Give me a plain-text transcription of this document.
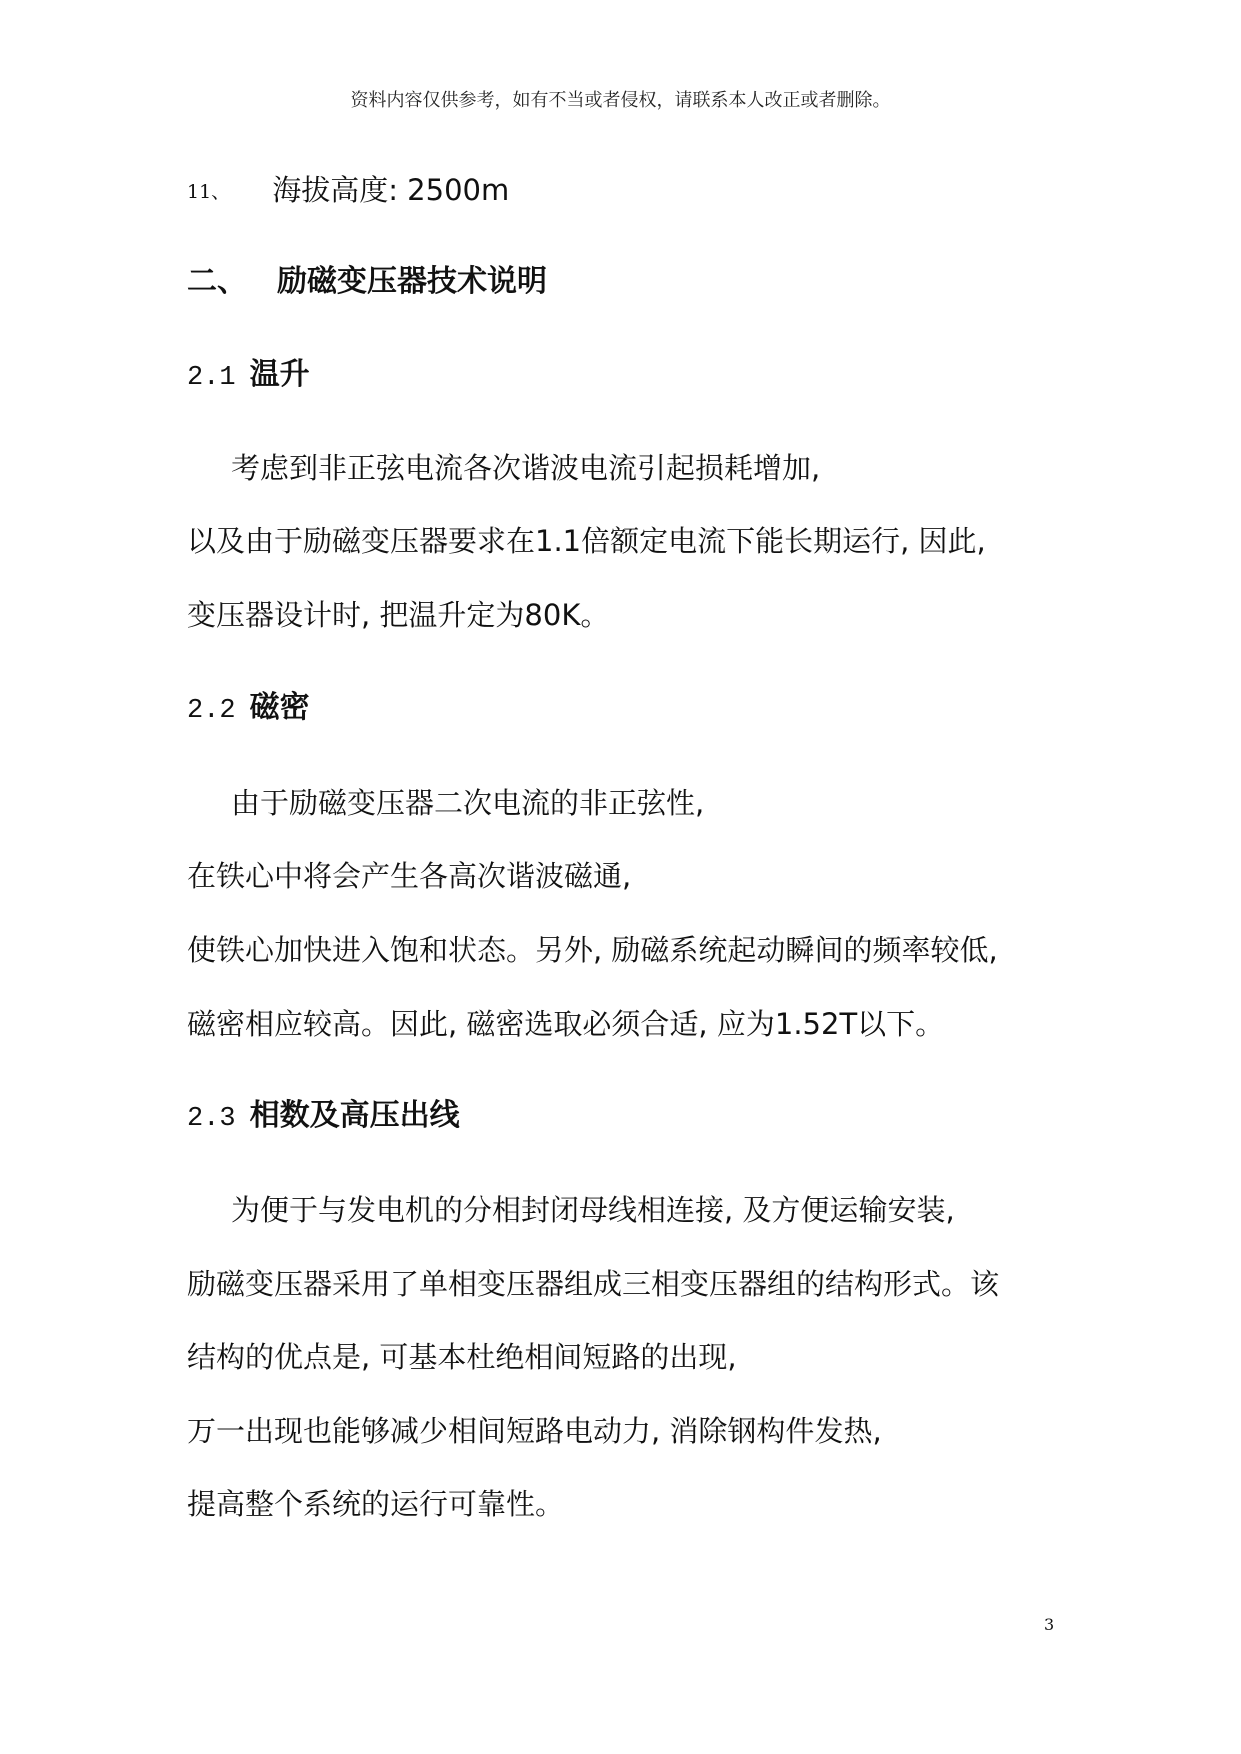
资料内容仅供参考，如有不当或者侵权，请联系本人改正或者删除。
11、 海拔高度: 2500m
二、 励磁变压器技术说明
2.1 温升
考虑到非正弦电流各次谐波电流引起损耗增加,
以及由于励磁变压器要求在1.1倍额定电流下能长期运行, 因此,
变压器设计时, 把温升定为80K。
2.2 磁密
由于励磁变压器二次电流的非正弦性,
在铁心中将会产生各高次谐波磁通,
使铁心加快进入饱和状态。另外, 励磁系统起动瞬间的频率较低,
磁密相应较高。因此, 磁密选取必须合适, 应为1.52T以下。
2.3 相数及高压出线
为便于与发电机的分相封闭母线相连接, 及方便运输安装,
励磁变压器采用了单相变压器组成三相变压器组的结构形式。该
结构的优点是, 可基本杜绝相间短路的出现,
万一出现也能够减少相间短路电动力, 消除钢构件发热,
提高整个系统的运行可靠性。
3
